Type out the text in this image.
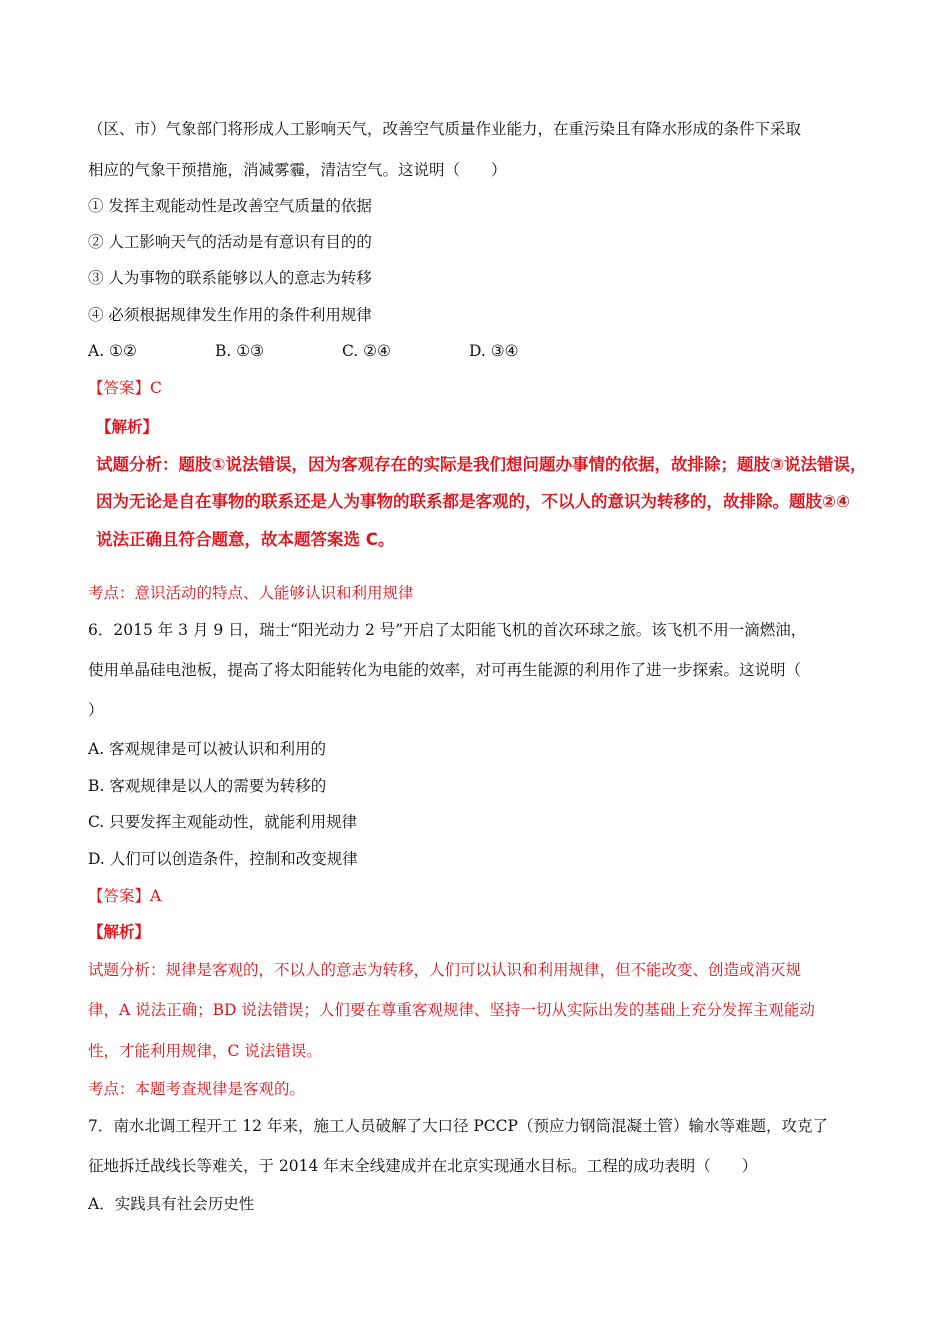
（区、市）气象部门将形成人工影响天气，改善空气质量作业能力，在重污染且有降水形成的条件下采取
相应的气象干预措施，消减雾霾，清洁空气。这说明（　　）
① 发挥主观能动性是改善空气质量的依据
② 人工影响天气的活动是有意识有目的的
③ 人为事物的联系能够以人的意志为转移
④ 必须根据规律发生作用的条件利用规律
A. ①②	B. ①③	C. ②④	D. ③④
【答案】C
【解析】
试题分析：题肢①说法错误，因为客观存在的实际是我们想问题办事情的依据，故排除；题肢③说法错误，
因为无论是自在事物的联系还是人为事物的联系都是客观的，不以人的意识为转移的，故排除。题肢②④
说法正确且符合题意，故本题答案选 C。
考点：意识活动的特点、人能够认识和利用规律
6．2015 年 3 月 9 日，瑞士“阳光动力 2 号”开启了太阳能飞机的首次环球之旅。该飞机不用一滴燃油，
使用单晶硅电池板，提高了将太阳能转化为电能的效率，对可再生能源的利用作了进一步探索。这说明（
）
A. 客观规律是可以被认识和利用的
B. 客观规律是以人的需要为转移的
C. 只要发挥主观能动性，就能利用规律
D. 人们可以创造条件，控制和改变规律
【答案】A
【解析】
试题分析：规律是客观的，不以人的意志为转移，人们可以认识和利用规律，但不能改变、创造或消灭规
律，A 说法正确；BD 说法错误；人们要在尊重客观规律、坚持一切从实际出发的基础上充分发挥主观能动
性，才能利用规律，C 说法错误。
考点：本题考查规律是客观的。
7．南水北调工程开工 12 年来，施工人员破解了大口径 PCCP（预应力钢筒混凝土管）输水等难题，攻克了
征地拆迁战线长等难关，于 2014 年末全线建成并在北京实现通水目标。工程的成功表明（　　）
A．实践具有社会历史性
